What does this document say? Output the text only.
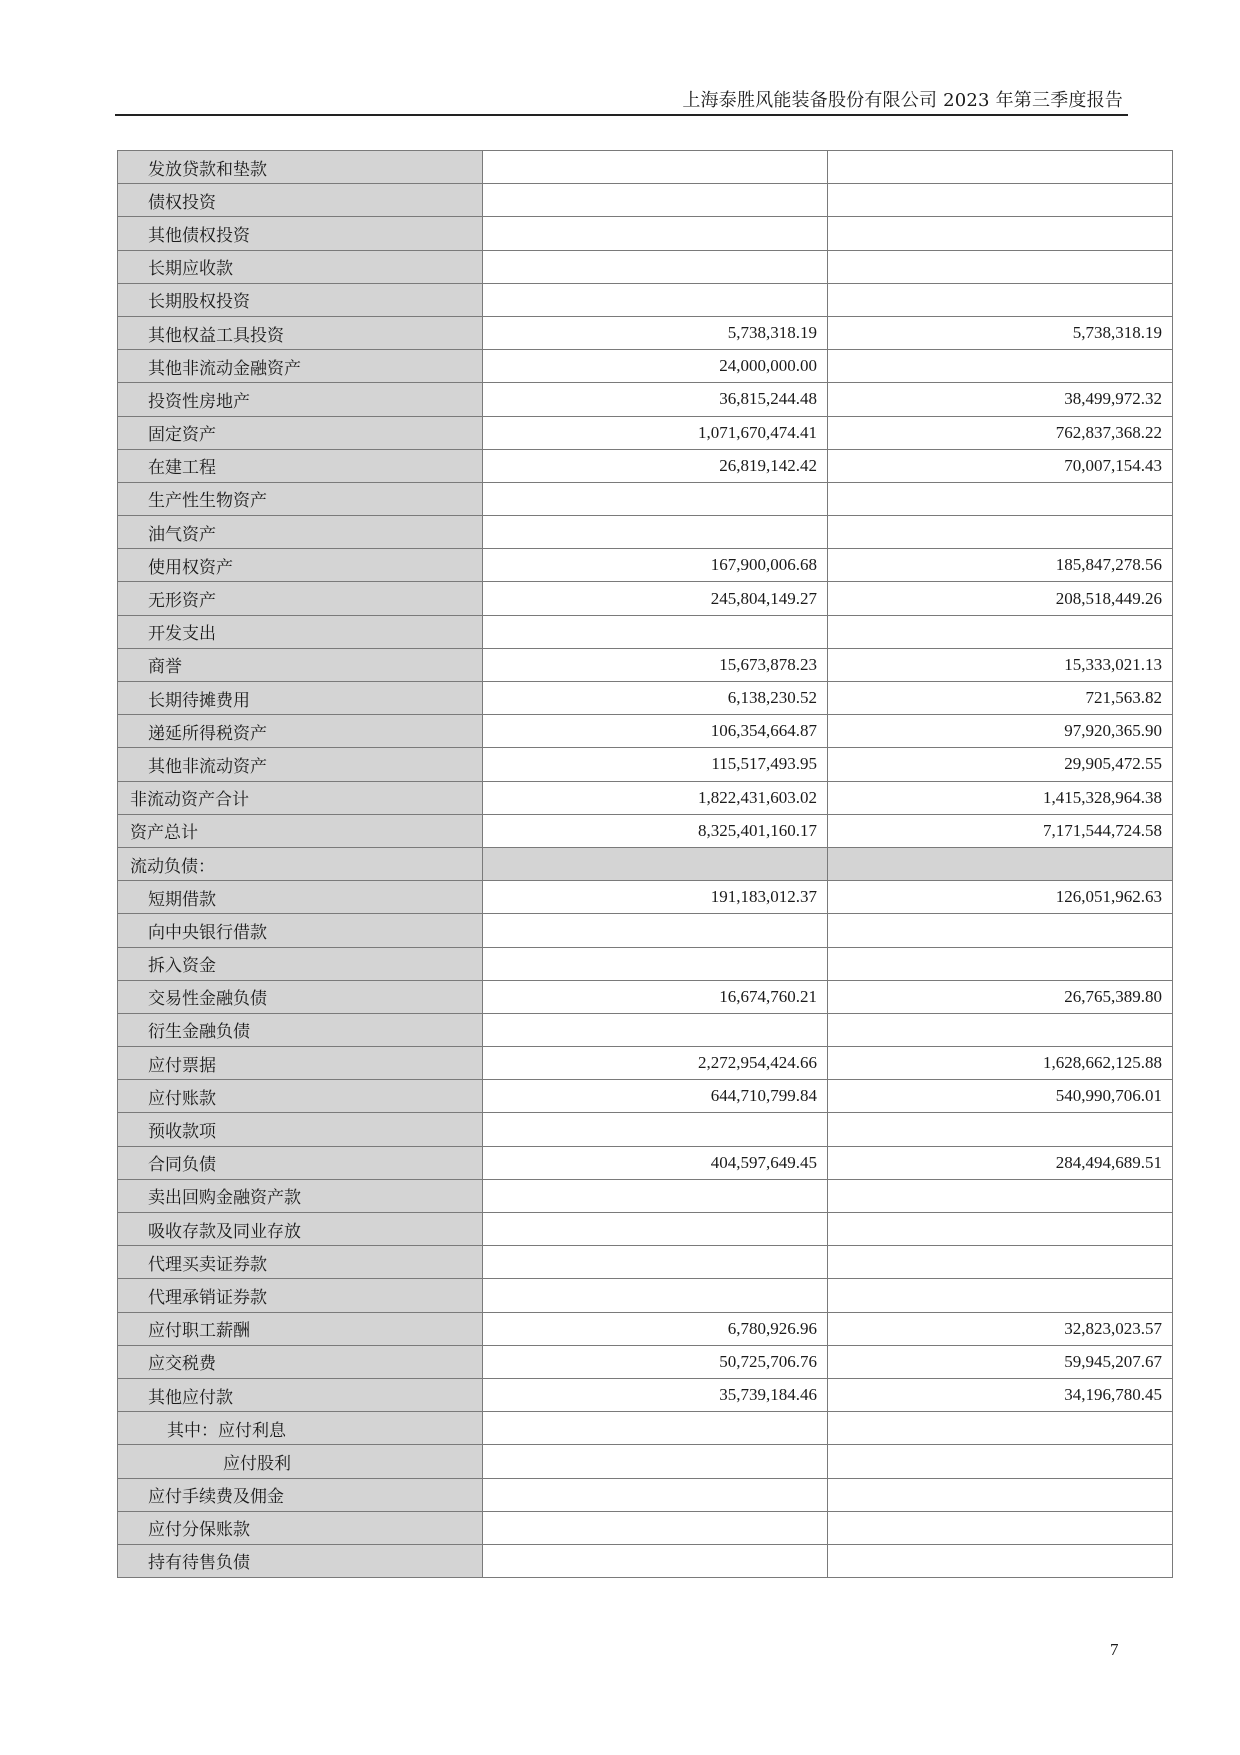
上海泰胜风能装备股份有限公司 2023 年第三季度报告
发放贷款和垫款		
债权投资		
其他债权投资		
长期应收款		
长期股权投资		
其他权益工具投资	5,738,318.19	5,738,318.19
其他非流动金融资产	24,000,000.00	
投资性房地产	36,815,244.48	38,499,972.32
固定资产	1,071,670,474.41	762,837,368.22
在建工程	26,819,142.42	70,007,154.43
生产性生物资产		
油气资产		
使用权资产	167,900,006.68	185,847,278.56
无形资产	245,804,149.27	208,518,449.26
开发支出		
商誉	15,673,878.23	15,333,021.13
长期待摊费用	6,138,230.52	721,563.82
递延所得税资产	106,354,664.87	97,920,365.90
其他非流动资产	115,517,493.95	29,905,472.55
非流动资产合计	1,822,431,603.02	1,415,328,964.38
资产总计	8,325,401,160.17	7,171,544,724.58
流动负债：		
短期借款	191,183,012.37	126,051,962.63
向中央银行借款		
拆入资金		
交易性金融负债	16,674,760.21	26,765,389.80
衍生金融负债		
应付票据	2,272,954,424.66	1,628,662,125.88
应付账款	644,710,799.84	540,990,706.01
预收款项		
合同负债	404,597,649.45	284,494,689.51
卖出回购金融资产款		
吸收存款及同业存放		
代理买卖证券款		
代理承销证券款		
应付职工薪酬	6,780,926.96	32,823,023.57
应交税费	50,725,706.76	59,945,207.67
其他应付款	35,739,184.46	34,196,780.45
其中：应付利息		
应付股利		
应付手续费及佣金		
应付分保账款		
持有待售负债		
7
